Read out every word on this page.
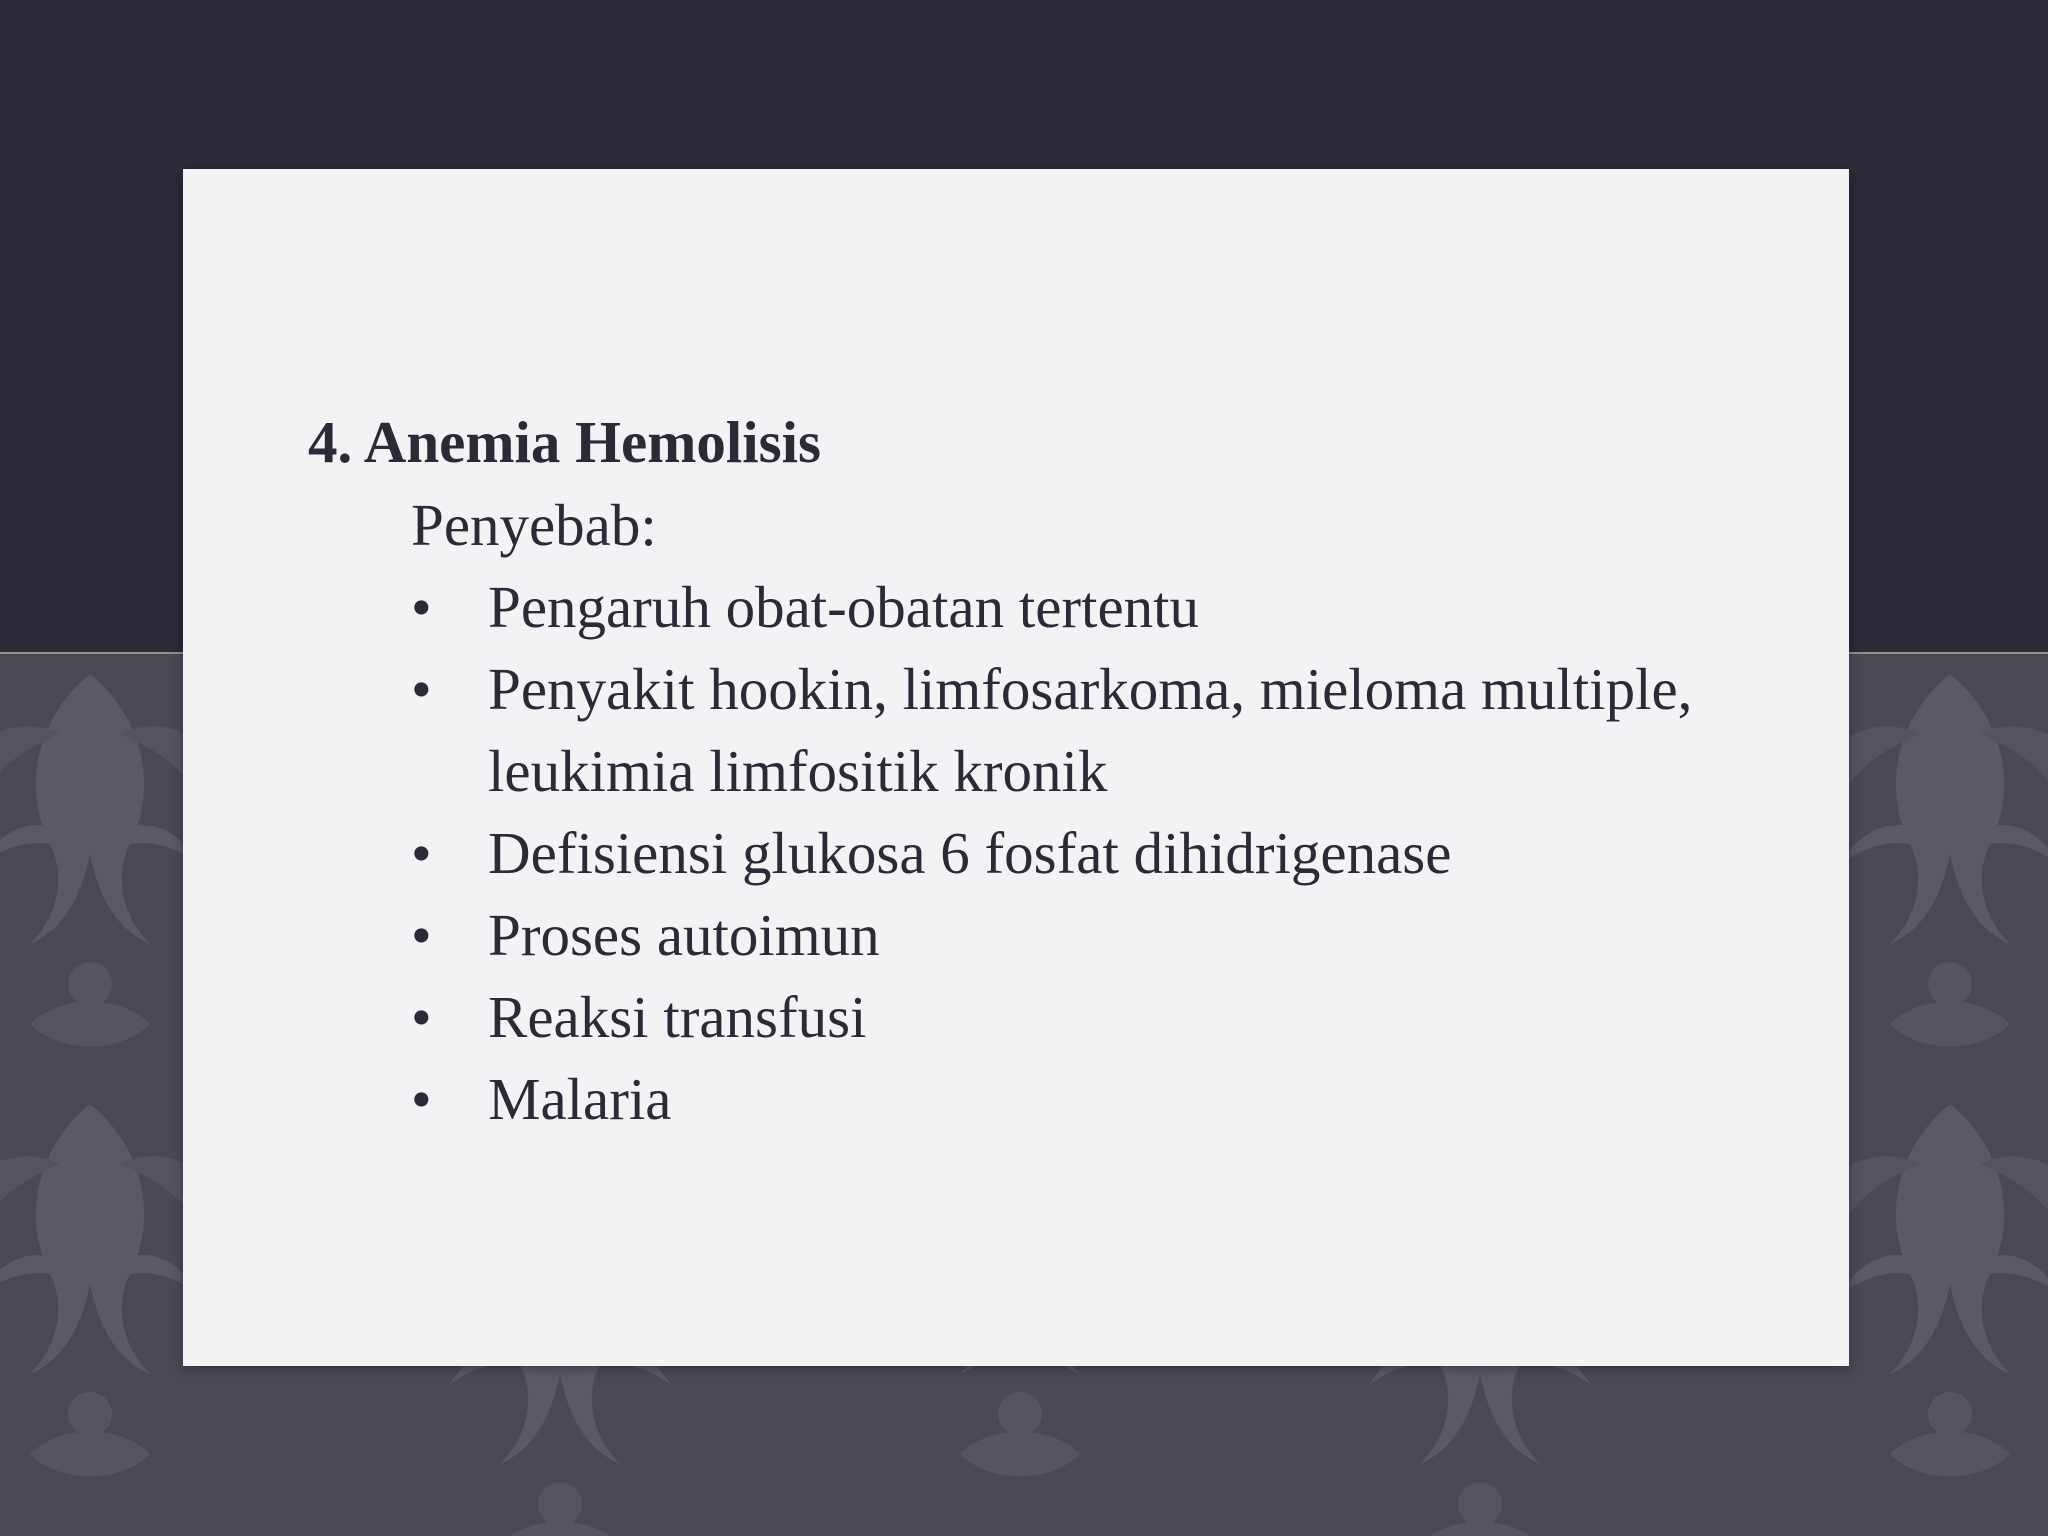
4. Anemia Hemolisis
Penyebab:
• Pengaruh obat-obatan tertentu
• Penyakit hookin, limfosarkoma, mieloma multiple, leukimia limfositik kronik
• Defisiensi glukosa 6 fosfat dihidrigenase
• Proses autoimun
• Reaksi transfusi
• Malaria
